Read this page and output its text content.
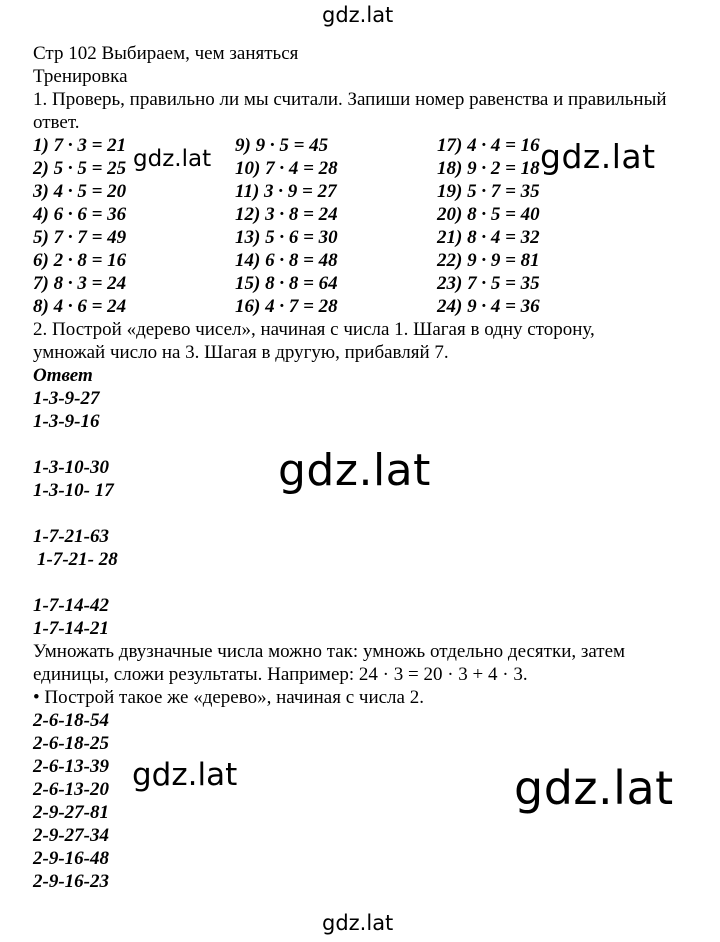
Стр 102 Выбираем, чем заняться

Тренировка

1. Проверь, правильно ли мы считали. Запиши номер равенства и правильный ответ.

1) 7 · 3 = 21	9) 9 · 5 = 45	17) 4 · 4 = 16
2) 5 · 5 = 25	10) 7 · 4 = 28	18) 9 · 2 = 18
3) 4 · 5 = 20	11) 3 · 9 = 27	19) 5 · 7 = 35
4) 6 · 6 = 36	12) 3 · 8 = 24	20) 8 · 5 = 40
5) 7 · 7 = 49	13) 5 · 6 = 30	21) 8 · 4 = 32
6) 2 · 8 = 16	14) 6 · 8 = 48	22) 9 · 9 = 81
7) 8 · 3 = 24	15) 8 · 8 = 64	23) 7 · 5 = 35
8) 4 · 6 = 24	16) 4 · 7 = 28	24) 9 · 4 = 36

2. Построй «дерево чисел», начиная с числа 1. Шагая в одну сторону,

умножай число на 3. Шагая в другую, прибавляй 7.

Ответ

1-3-9-27

1-3-9-16

1-3-10-30

1-3-10- 17

1-7-21-63

1-7-21- 28

1-7-14-42

1-7-14-21

Умножать двузначные числа можно так: умножь отдельно десятки, затем

единицы, сложи результаты. Например: 24 · 3 = 20 · 3 + 4 · 3.

• Построй такое же «дерево», начиная с числа 2.

2-6-18-54

2-6-18-25

2-6-13-39

2-6-13-20

2-9-27-81

2-9-27-34

2-9-16-48

2-9-16-23

gdz.lat
gdz.lat	gdz.lat
gdz.lat
gdz.lat	gdz.lat
gdz.lat
